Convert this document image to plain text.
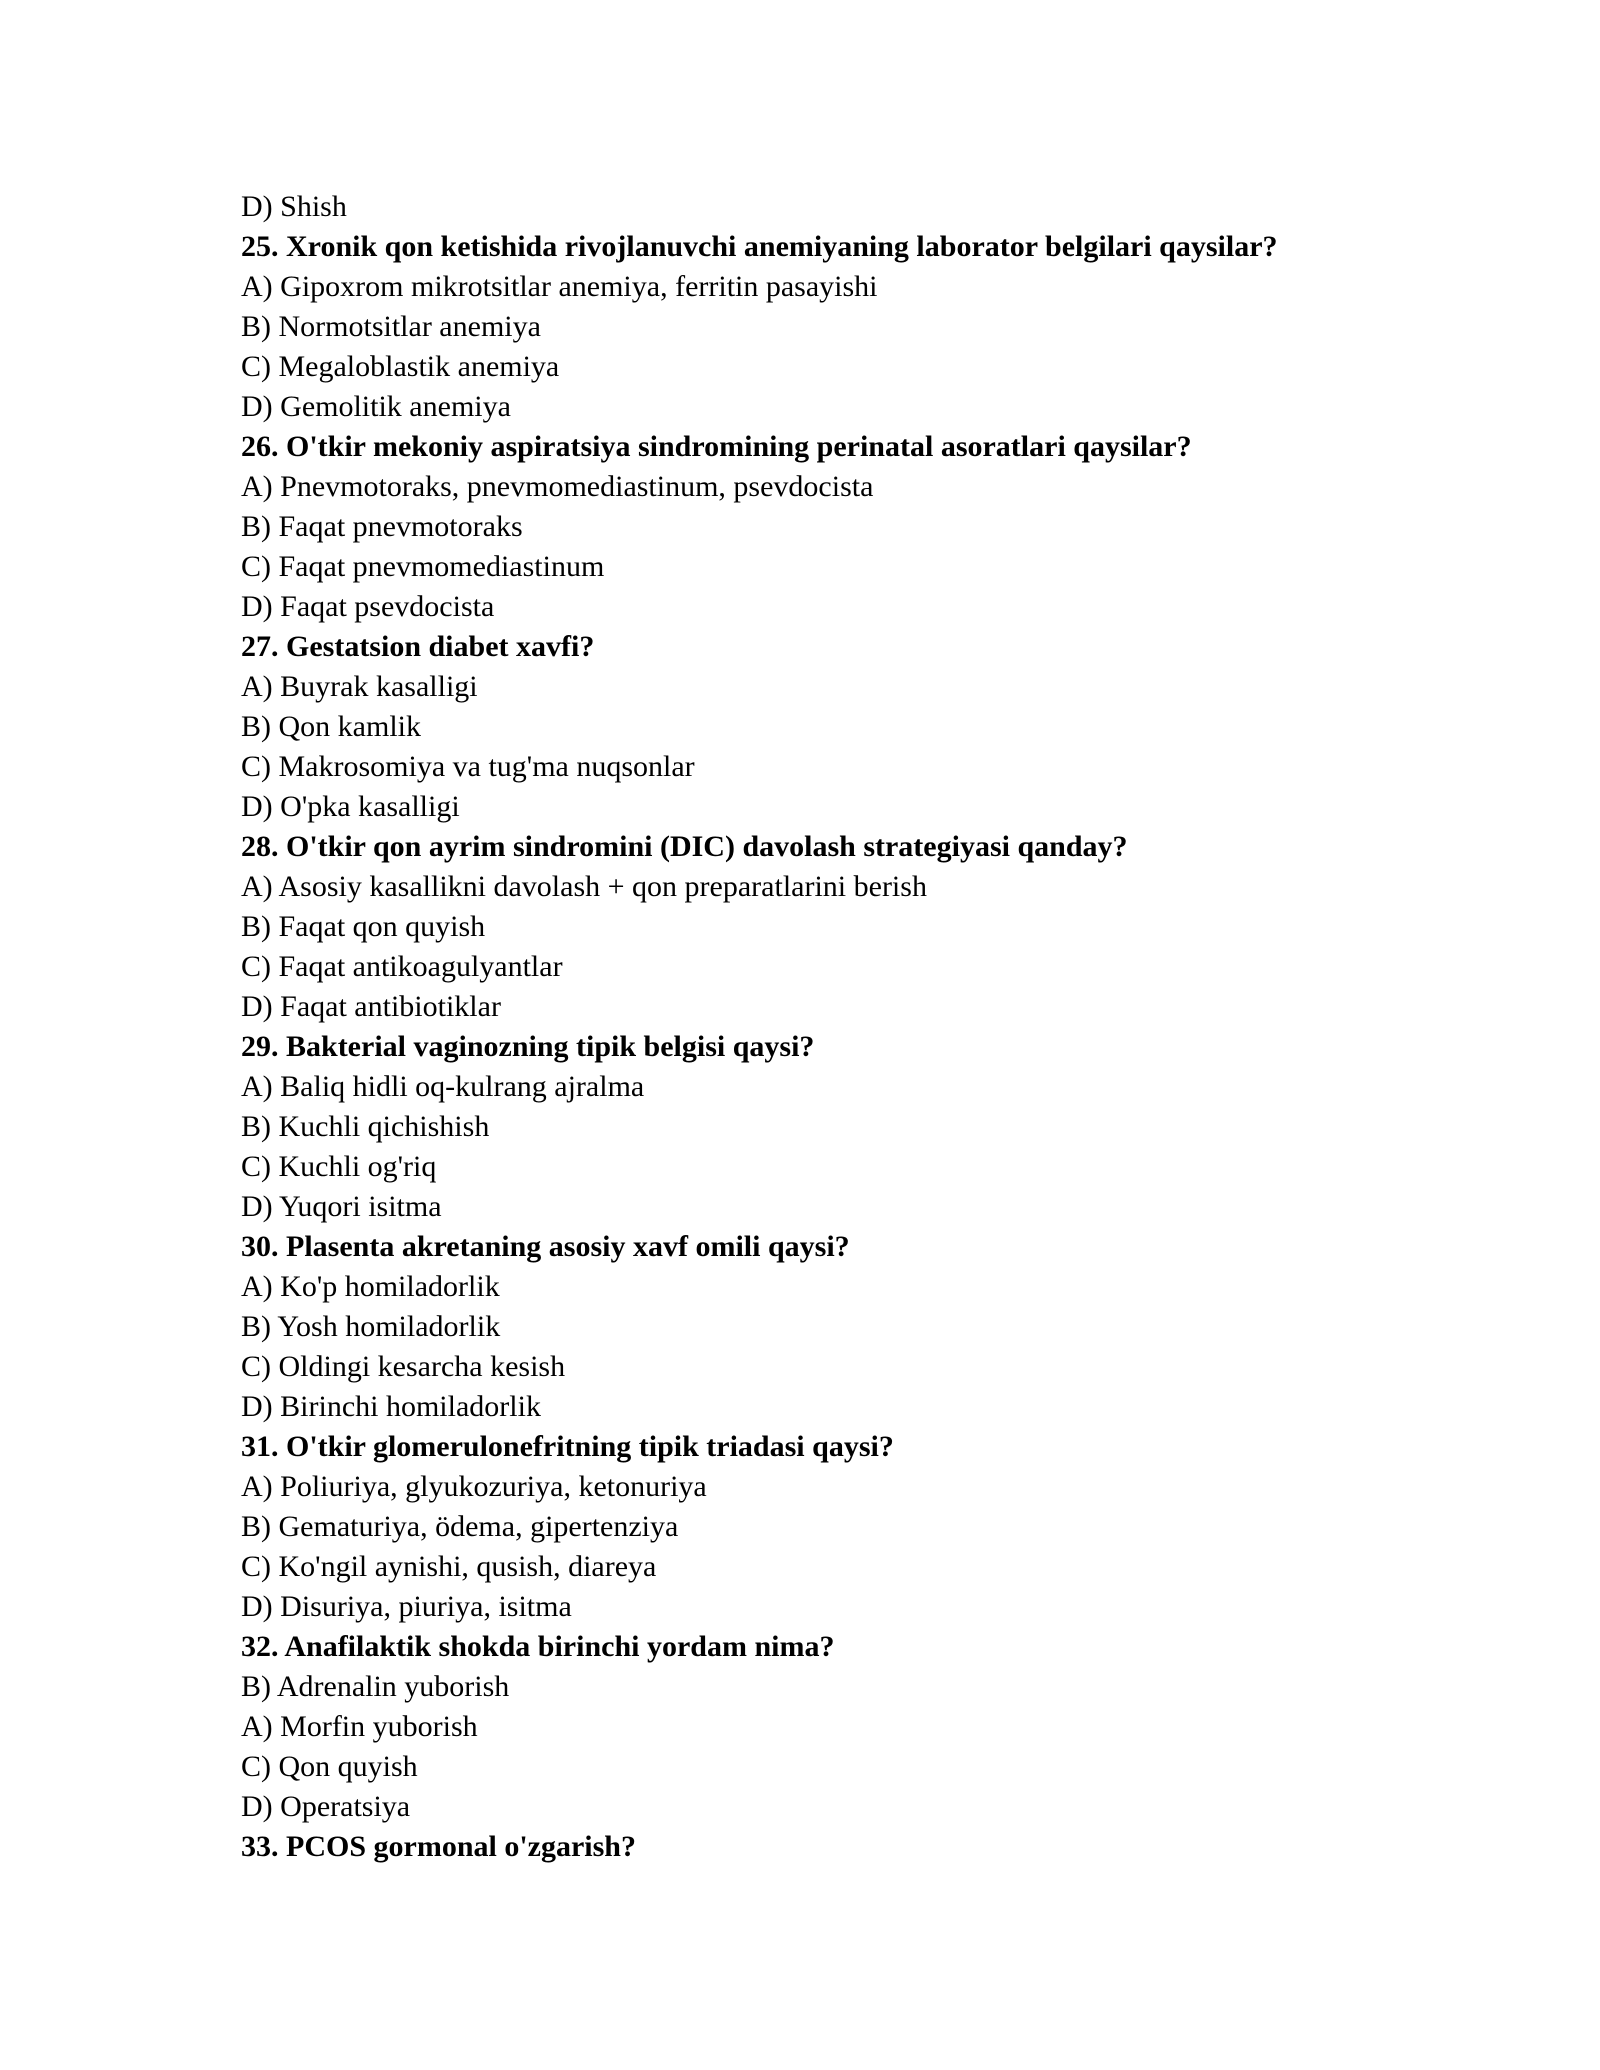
D) Shish
25. Xronik qon ketishida rivojlanuvchi anemiyaning laborator belgilari qaysilar?
A) Gipoxrom mikrotsitlar anemiya, ferritin pasayishi
B) Normotsitlar anemiya
C) Megaloblastik anemiya
D) Gemolitik anemiya
26. O'tkir mekoniy aspiratsiya sindromining perinatal asoratlari qaysilar?
A) Pnevmotoraks, pnevmomediastinum, psevdocista
B) Faqat pnevmotoraks
C) Faqat pnevmomediastinum
D) Faqat psevdocista
27. Gestatsion diabet xavfi?
A) Buyrak kasalligi
B) Qon kamlik
C) Makrosomiya va tug'ma nuqsonlar
D) O'pka kasalligi
28. O'tkir qon ayrim sindromini (DIC) davolash strategiyasi qanday?
A) Asosiy kasallikni davolash + qon preparatlarini berish
B) Faqat qon quyish
C) Faqat antikoagulyantlar
D) Faqat antibiotiklar
29. Bakterial vaginozning tipik belgisi qaysi?
A) Baliq hidli oq-kulrang ajralma
B) Kuchli qichishish
C) Kuchli og'riq
D) Yuqori isitma
30. Plasenta akretaning asosiy xavf omili qaysi?
A) Ko'p homiladorlik
B) Yosh homiladorlik
C) Oldingi kesarcha kesish
D) Birinchi homiladorlik
31. O'tkir glomerulonefritning tipik triadasi qaysi?
A) Poliuriya, glyukozuriya, ketonuriya
B) Gematuriya, ödema, gipertenziya
C) Ko'ngil aynishi, qusish, diareya
D) Disuriya, piuriya, isitma
32. Anafilaktik shokda birinchi yordam nima?
B) Adrenalin yuborish
A) Morfin yuborish
C) Qon quyish
D) Operatsiya
33. PCOS gormonal o'zgarish?
